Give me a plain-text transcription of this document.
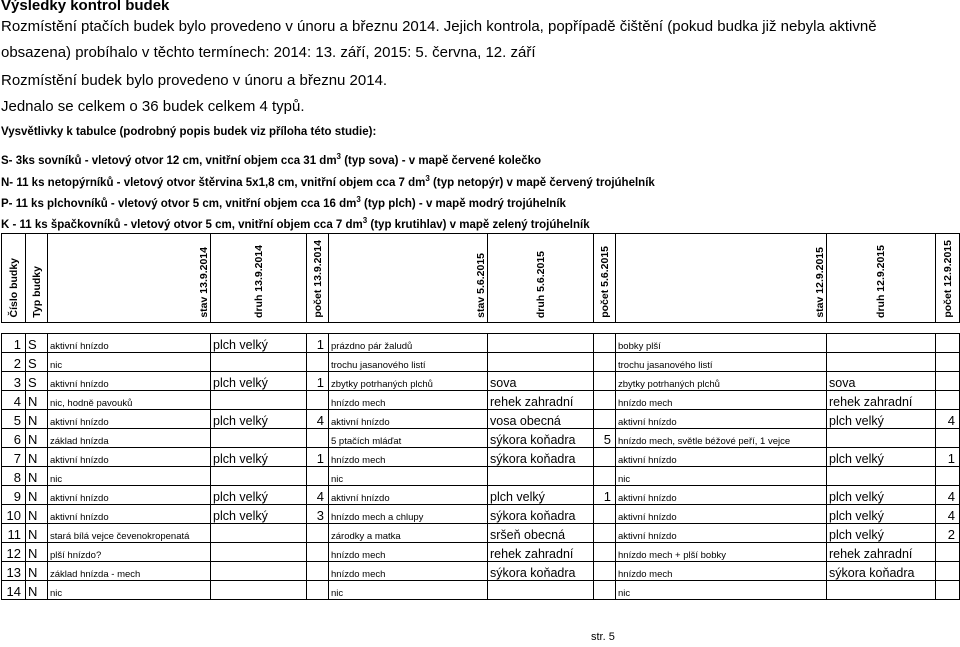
Výsledky kontrol budek
Rozmístění ptačích budek bylo provedeno v únoru a březnu 2014. Jejich kontrola, popřípadě čištění (pokud budka již nebyla aktivně
obsazena) probíhalo v těchto termínech: 2014: 13. září, 2015: 5. června, 12. září
Rozmístění budek bylo provedeno v únoru a březnu 2014.
Jednalo se celkem o 36 budek celkem 4 typů.
Vysvětlivky k tabulce (podrobný popis budek viz příloha této studie):
S- 3ks sovníků - vletový otvor 12 cm, vnitřní objem cca 31 $dm^3$ (typ sova) - v mapě červené kolečko
N- 11 ks netopýrníků - vletový otvor štěrvina 5x1,8 cm, vnitřní objem cca 7 $dm^3$ (typ netopýr) v mapě červený trojúhelník
P- 11 ks plchovníků - vletový otvor 5 cm, vnitřní objem cca 16 $dm^3$ (typ plch) - v mapě modrý trojúhelník
K - 11 ks špačkovníků - vletový otvor 5 cm, vnitřní objem cca 7 $dm^3$ (typ krutihlav) v mapě zelený trojúhelník
Číslo budky	Typ budky	stav 13.9.2014	druh 13.9.2014	počet 13.9.2014	stav 5.6.2015	druh 5.6.2015	počet 5.6.2015	stav 12.9.2015	druh 12.9.2015	počet 12.9.2015

1	S	aktivní hnízdo	plch velký	1	prázdno pár žaludů			bobky plší		
2	S	nic			trochu jasanového listí			trochu jasanového listí		
3	S	aktivní hnízdo	plch velký	1	zbytky potrhaných plchů	sova		zbytky potrhaných plchů	sova	
4	N	nic, hodně pavouků			hnízdo mech	rehek zahradní		hnízdo mech	rehek zahradní	
5	N	aktivní hnízdo	plch velký	4	aktivní hnízdo	vosa obecná		aktivní hnízdo	plch velký	4
6	N	základ hnízda			5 ptačích mláďat	sýkora koňadra	5	hnízdo mech, světle béžové peří, 1 vejce		
7	N	aktivní hnízdo	plch velký	1	hnízdo mech	sýkora koňadra		aktivní hnízdo	plch velký	1
8	N	nic			nic			nic		
9	N	aktivní hnízdo	plch velký	4	aktivní hnízdo	plch velký	1	aktivní hnízdo	plch velký	4
10	N	aktivní hnízdo	plch velký	3	hnízdo mech a chlupy	sýkora koňadra		aktivní hnízdo	plch velký	4
11	N	stará bílá vejce čevenokropenatá			zárodky a matka	sršeň obecná		aktivní hnízdo	plch velký	2
12	N	plší hnízdo?			hnízdo mech	rehek zahradní		hnízdo mech + plší bobky	rehek zahradní	
13	N	základ hnízda - mech			hnízdo mech	sýkora koňadra		hnízdo mech	sýkora koňadra	
14	N	nic			nic			nic		
str. 5
